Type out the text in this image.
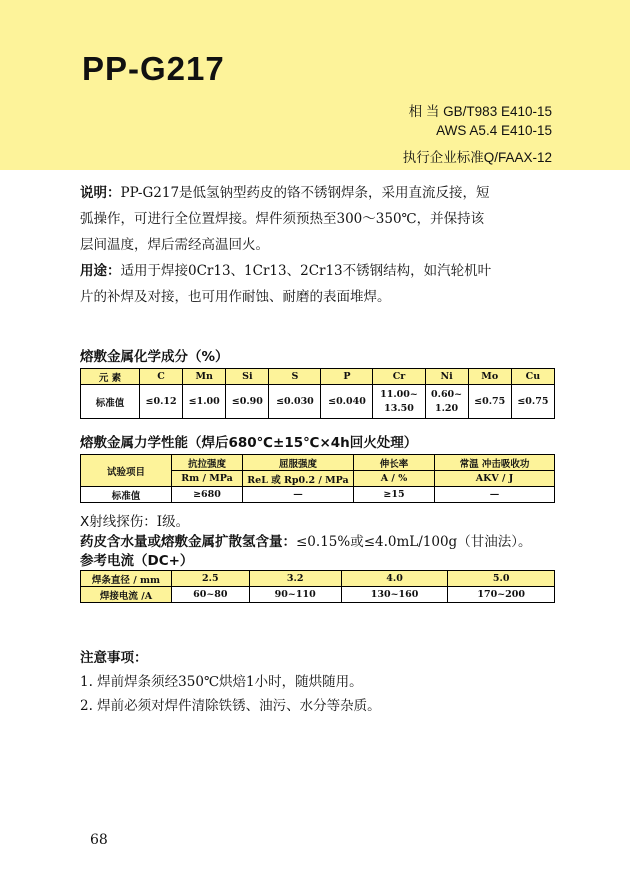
PP-G217
相 当 GB/T983 E410-15
AWS A5.4 E410-15
执行企业标准Q/FAAX-12
说明：PP-G217是低氢钠型药皮的铬不锈钢焊条，采用直流反接，短
弧操作，可进行全位置焊接。焊件须预热至300～350℃，并保持该
层间温度，焊后需经高温回火。
用途：适用于焊接0Cr13、1Cr13、2Cr13不锈钢结构，如汽轮机叶
片的补焊及对接，也可用作耐蚀、耐磨的表面堆焊。
熔敷金属化学成分（%）
元 素	C	Mn	Si	S	P	Cr	Ni	Mo	Cu
标准值	≤0.12	≤1.00	≤0.90	≤0.030	≤0.040	11.00~
13.50	0.60~
1.20	≤0.75	≤0.75
熔敷金属力学性能（焊后680℃±15℃×4h回火处理）
试验项目	抗拉强度	屈服强度	伸长率	常温 冲击吸收功
	Rm / MPa	ReL 或 Rp0.2 / MPa	A / %	AKV / J
标准值	≥680	—	≥15	—
X射线探伤：Ⅰ级。
药皮含水量或熔敷金属扩散氢含量：≤0.15%或≤4.0mL/100g（甘油法）。
参考电流（DC+）
焊条直径 / mm	2.5	3.2	4.0	5.0
焊接电流 /A	60~80	90~110	130~160	170~200
注意事项：
1. 焊前焊条须经350℃烘焙1小时，随烘随用。
2. 焊前必须对焊件清除铁锈、油污、水分等杂质。
68
